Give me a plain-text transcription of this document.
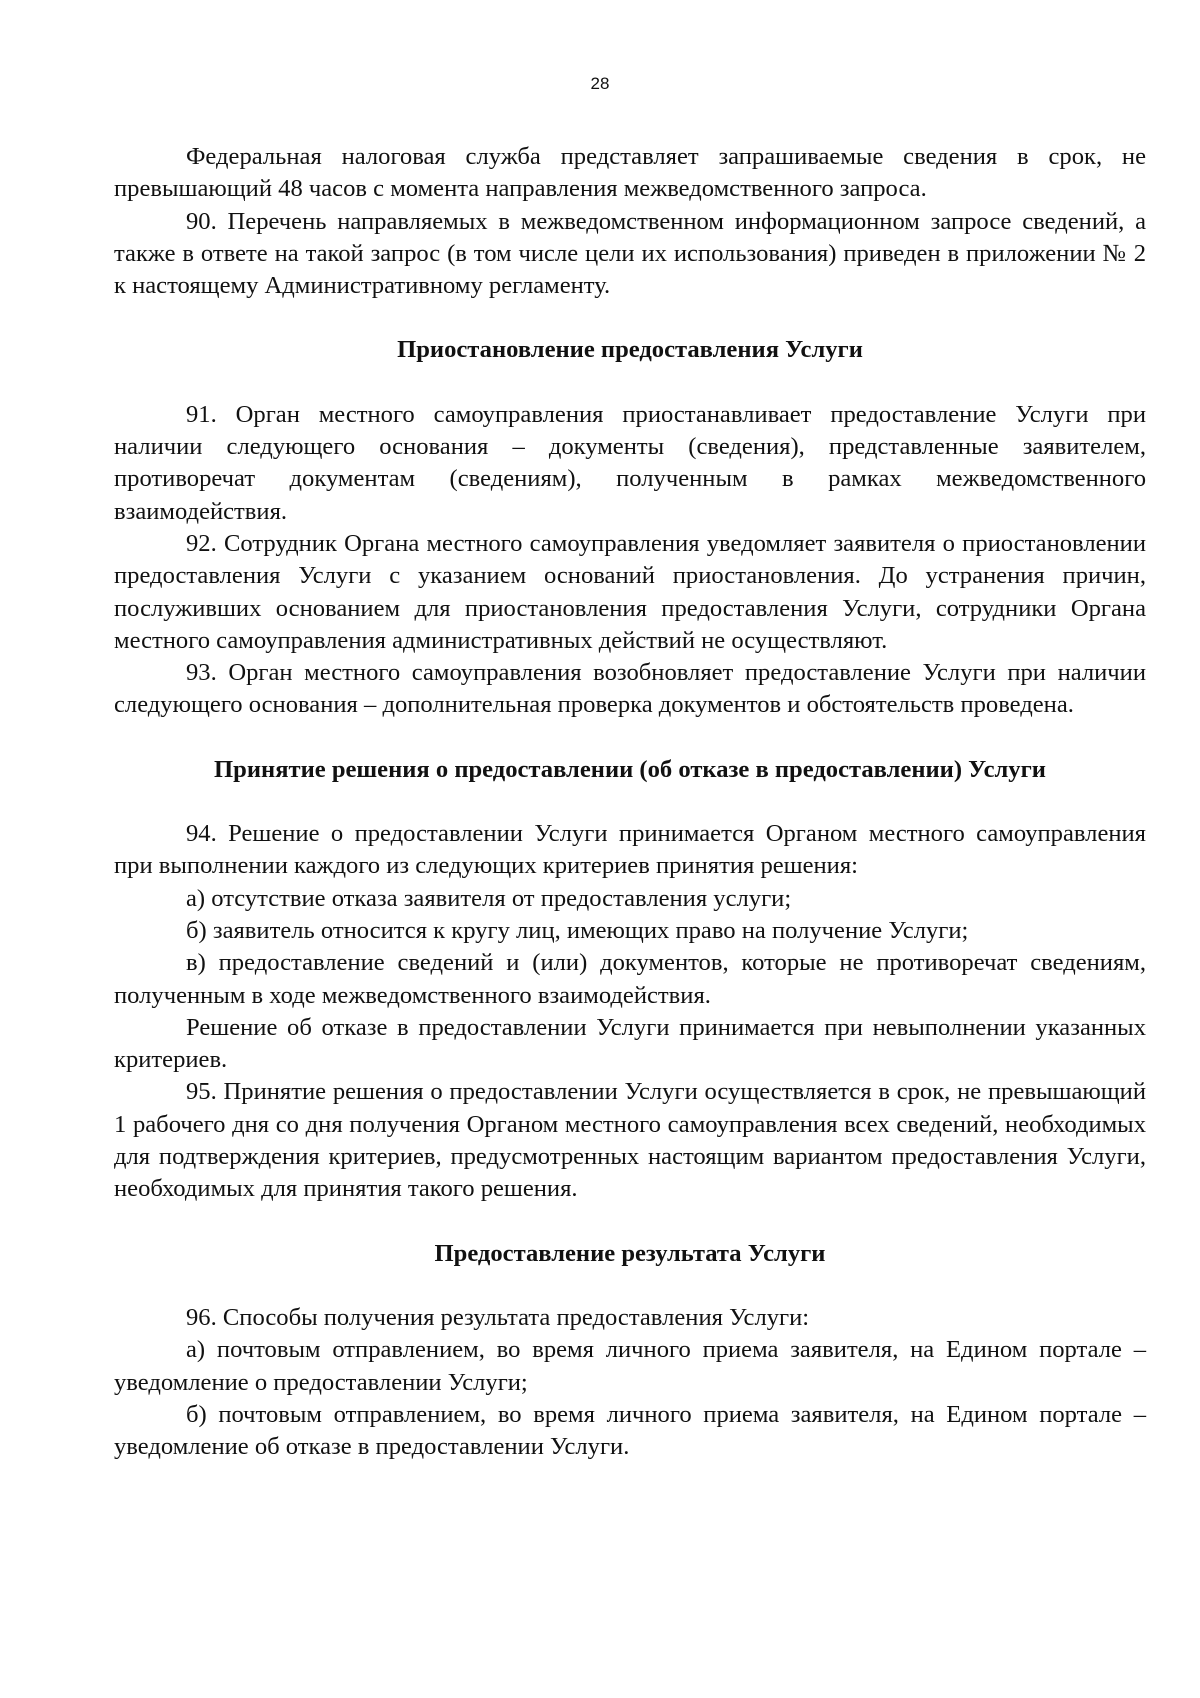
28

Федеральная налоговая служба представляет запрашиваемые сведения в срок, не превышающий 48 часов с момента направления межведомственного запроса.

90. Перечень направляемых в межведомственном информационном запросе сведений, а также в ответе на такой запрос (в том числе цели их использования) приведен в приложении № 2 к настоящему Административному регламенту.

Приостановление предоставления Услуги

91. Орган местного самоуправления приостанавливает предоставление Услуги при наличии следующего основания – документы (сведения), представленные заявителем, противоречат документам (сведениям), полученным в рамках межведомственного взаимодействия.

92. Сотрудник Органа местного самоуправления уведомляет заявителя о приостановлении предоставления Услуги с указанием оснований приостановления. До устранения причин, послуживших основанием для приостановления предоставления Услуги, сотрудники Органа местного самоуправления административных действий не осуществляют.

93. Орган местного самоуправления возобновляет предоставление Услуги при наличии следующего основания – дополнительная проверка документов и обстоятельств проведена.

Принятие решения о предоставлении (об отказе в предоставлении) Услуги

94. Решение о предоставлении Услуги принимается Органом местного самоуправления при выполнении каждого из следующих критериев принятия решения:

а) отсутствие отказа заявителя от предоставления услуги;

б) заявитель относится к кругу лиц, имеющих право на получение Услуги;

в) предоставление сведений и (или) документов, которые не противоречат сведениям, полученным в ходе межведомственного взаимодействия.

Решение об отказе в предоставлении Услуги принимается при невыполнении указанных критериев.

95. Принятие решения о предоставлении Услуги осуществляется в срок, не превышающий 1 рабочего дня со дня получения Органом местного самоуправления всех сведений, необходимых для подтверждения критериев, предусмотренных настоящим вариантом предоставления Услуги, необходимых для принятия такого решения.

Предоставление результата Услуги

96. Способы получения результата предоставления Услуги:

а) почтовым отправлением, во время личного приема заявителя, на Едином портале – уведомление о предоставлении Услуги;

б) почтовым отправлением, во время личного приема заявителя, на Едином портале – уведомление об отказе в предоставлении Услуги.
